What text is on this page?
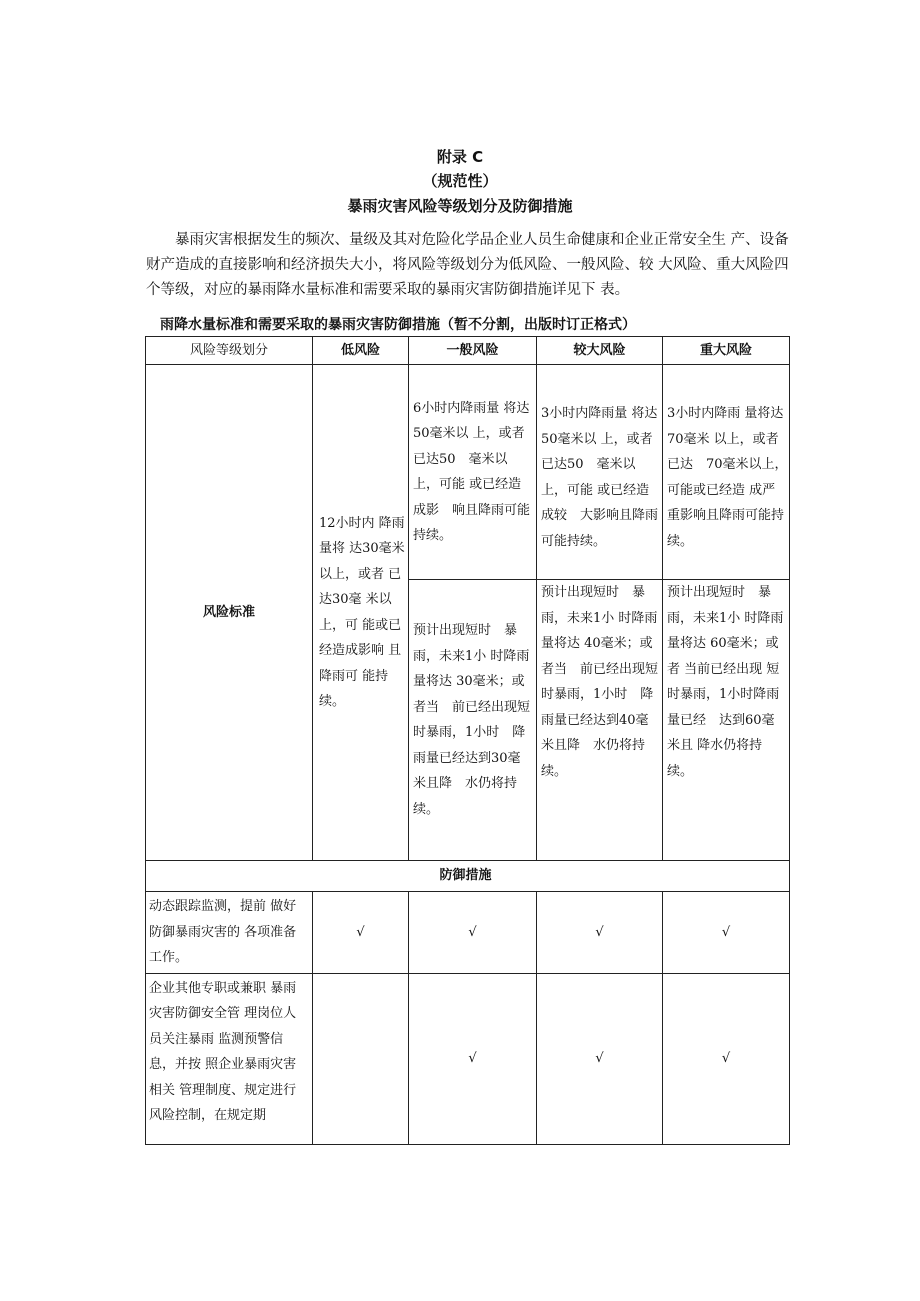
附录 C
（规范性）
暴雨灾害风险等级划分及防御措施
暴雨灾害根据发生的频次、量级及其对危险化学品企业人员生命健康和企业正常安全生 产、设备财产造成的直接影响和经济损失大小，将风险等级划分为低风险、一般风险、较 大风险、重大风险四个等级，对应的暴雨降水量标准和需要采取的暴雨灾害防御措施详见下 表。
雨降水量标准和需要采取的暴雨灾害防御措施（暂不分割，出版时订正格式）
风险等级划分	低风险	一般风险	较大风险	重大风险
风险标准	12小时内 降雨量将 达30毫米 以上，或者 已达30毫 米以上，可 能或已经造成影响 且降雨可 能持续。	6小时内降雨量 将达50毫米以 上，或者已达50　毫米以上，可能 或已经造成影　响且降雨可能 持续。	3小时内降雨量 将达50毫米以 上，或者已达50　毫米以上，可能 或已经造成较　大影响且降雨 可能持续。	3小时内降雨 量将达70毫米 以上，或者已达　70毫米以上，　可能或已经造 成严重影响且降雨可能持续。
		预计出现短时　暴雨，未来1小 时降雨量将达 30毫米；或者当　前已经出现短 时暴雨，1小时　降雨量已经达到30毫米且降　水仍将持续。	预计出现短时　暴雨，未来1小 时降雨量将达 40毫米；或者当　前已经出现短 时暴雨，1小时　降雨量已经达到40毫米且降　水仍将持续。	预计出现短时　暴雨，未来1小 时降雨量将达 60毫米；或者 当前已经出现 短时暴雨，1小时降雨量已经　达到60毫米且 降水仍将持续。
	防御措施			
动态跟踪监测，提前 做好防御暴雨灾害的 各项准备工作。	√	√	√	√
企业其他专职或兼职 暴雨灾害防御安全管 理岗位人员关注暴雨 监测预警信息，并按 照企业暴雨灾害相关 管理制度、规定进行 风险控制，在规定期		√	√	√
